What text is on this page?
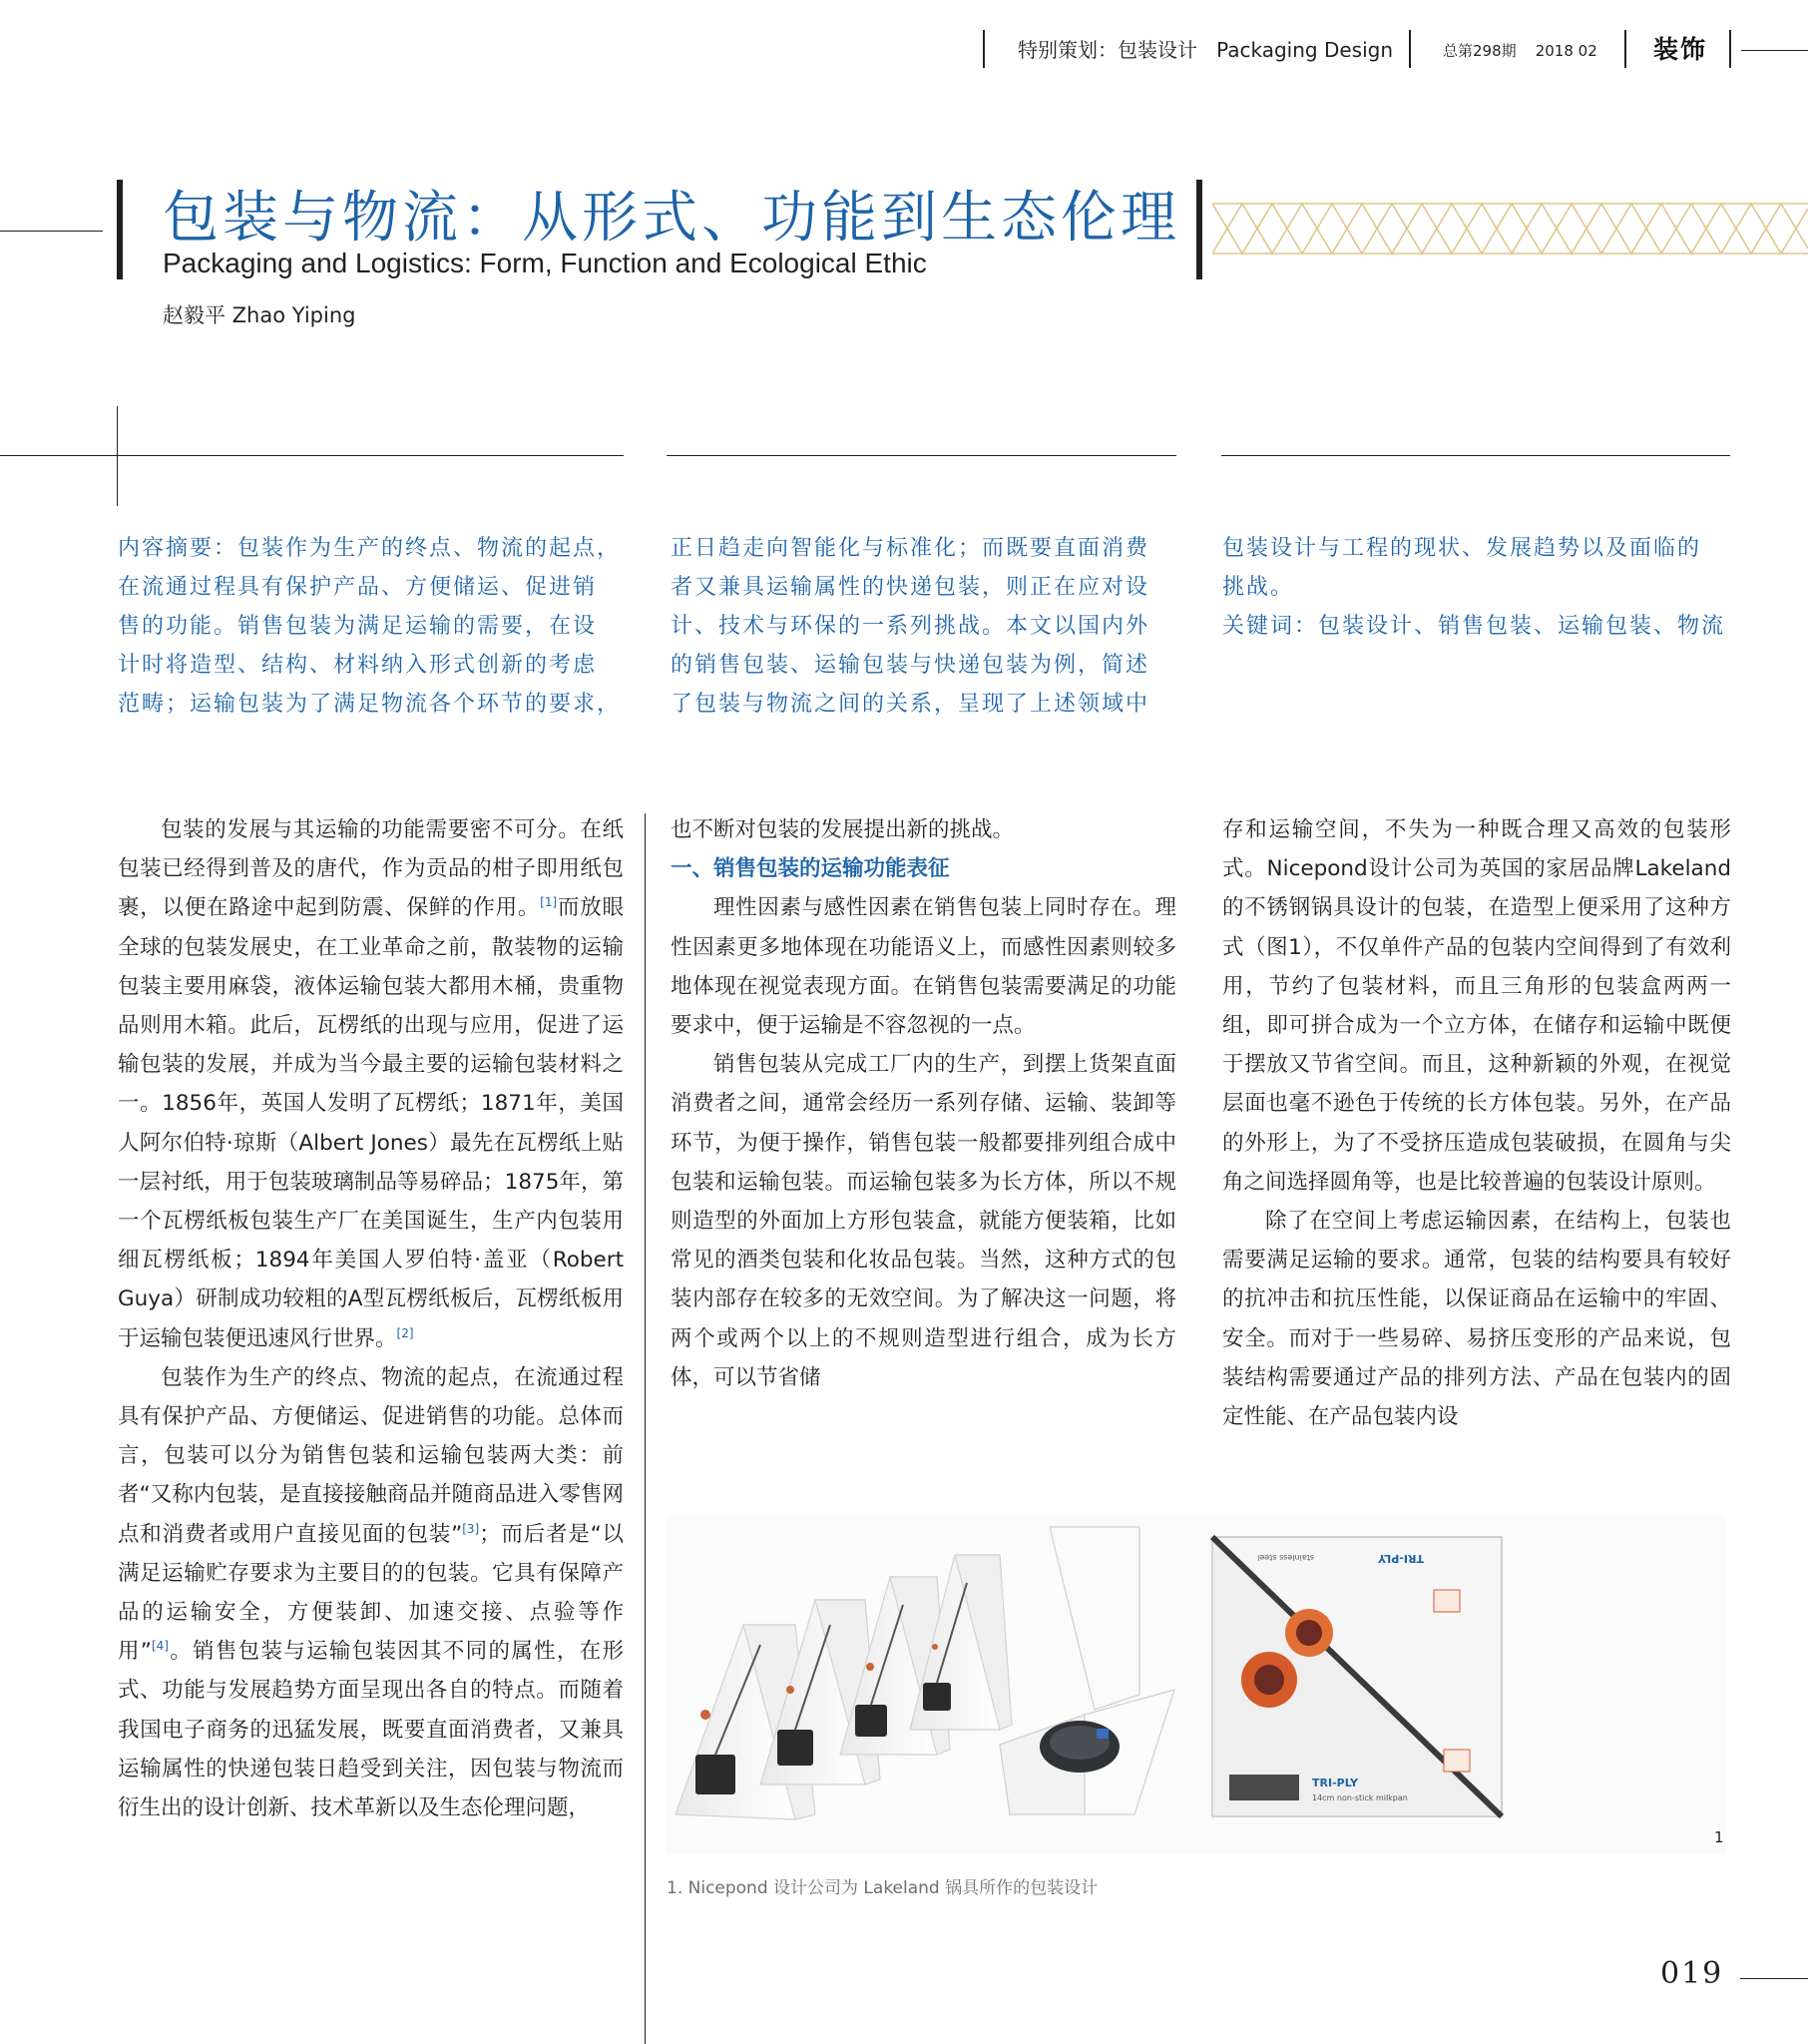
特别策划：包装设计 Packaging Design	总第298期 2018 02 装饰
包装与物流：从形式、功能到生态伦理
Packaging and Logistics: Form, Function and Ecological Ethic
赵毅平 Zhao Yiping
内容摘要：包装作为生产的终点、物流的起点，
在流通过程具有保护产品、方便储运、促进销
售的功能。销售包装为满足运输的需要，在设
计时将造型、结构、材料纳入形式创新的考虑
范畴；运输包装为了满足物流各个环节的要求，
正日趋走向智能化与标准化；而既要直面消费
者又兼具运输属性的快递包装，则正在应对设
计、技术与环保的一系列挑战。本文以国内外
的销售包装、运输包装与快递包装为例，简述
了包装与物流之间的关系，呈现了上述领域中
包装设计与工程的现状、发展趋势以及面临的
挑战。
关键词：包装设计、销售包装、运输包装、物流

包装的发展与其运输的功能需要密不可分。在纸包装已经得到普及的唐代，作为贡品的柑子即用纸包裹，以便在路途中起到防震、保鲜的作用。[1]而放眼全球的包装发展史，在工业革命之前，散装物的运输包装主要用麻袋，液体运输包装大都用木桶，贵重物品则用木箱。此后，瓦楞纸的出现与应用，促进了运输包装的发展，并成为当今最主要的运输包装材料之一。1856年，英国人发明了瓦楞纸；1871年，美国人阿尔伯特·琼斯（Albert Jones）最先在瓦楞纸上贴一层衬纸，用于包装玻璃制品等易碎品；1875年，第一个瓦楞纸板包装生产厂在美国诞生，生产内包装用细瓦楞纸板；1894年美国人罗伯特·盖亚（Robert Guya）研制成功较粗的A型瓦楞纸板后，瓦楞纸板用于运输包装便迅速风行世界。[2]

包装作为生产的终点、物流的起点，在流通过程具有保护产品、方便储运、促进销售的功能。总体而言，包装可以分为销售包装和运输包装两大类：前者“又称内包装，是直接接触商品并随商品进入零售网点和消费者或用户直接见面的包装”[3]；而后者是“以满足运输贮存要求为主要目的的包装。它具有保障产品的运输安全，方便装卸、加速交接、点验等作用”[4]。销售包装与运输包装因其不同的属性，在形式、功能与发展趋势方面呈现出各自的特点。而随着我国电子商务的迅猛发展，既要直面消费者，又兼具运输属性的快递包装日趋受到关注，因包装与物流而衍生出的设计创新、技术革新以及生态伦理问题，

也不断对包装的发展提出新的挑战。

一、销售包装的运输功能表征

理性因素与感性因素在销售包装上同时存在。理性因素更多地体现在功能语义上，而感性因素则较多地体现在视觉表现方面。在销售包装需要满足的功能要求中，便于运输是不容忽视的一点。

销售包装从完成工厂内的生产，到摆上货架直面消费者之间，通常会经历一系列存储、运输、装卸等环节，为便于操作，销售包装一般都要排列组合成中包装和运输包装。而运输包装多为长方体，所以不规则造型的外面加上方形包装盒，就能方便装箱，比如常见的酒类包装和化妆品包装。当然，这种方式的包装内部存在较多的无效空间。为了解决这一问题，将两个或两个以上的不规则造型进行组合，成为长方体，可以节省储

存和运输空间，不失为一种既合理又高效的包装形式。Nicepond设计公司为英国的家居品牌Lakeland的不锈钢锅具设计的包装，在造型上便采用了这种方式（图1），不仅单件产品的包装内空间得到了有效利用，节约了包装材料，而且三角形的包装盒两两一组，即可拼合成为一个立方体，在储存和运输中既便于摆放又节省空间。而且，这种新颖的外观，在视觉层面也毫不逊色于传统的长方体包装。另外，在产品的外形上，为了不受挤压造成包装破损，在圆角与尖角之间选择圆角等，也是比较普遍的包装设计原则。

除了在空间上考虑运输因素，在结构上，包装也需要满足运输的要求。通常，包装的结构要具有较好的抗冲击和抗压性能，以保证商品在运输中的牢固、安全。而对于一些易碎、易挤压变形的产品来说，包装结构需要通过产品的排列方法、产品在包装内的固定性能、在产品包装内设

TRI-PLY
14cm non-stick milkpan
TRI-PLY
stainless steel
1
1. Nicepond 设计公司为 Lakeland 锅具所作的包装设计
019
